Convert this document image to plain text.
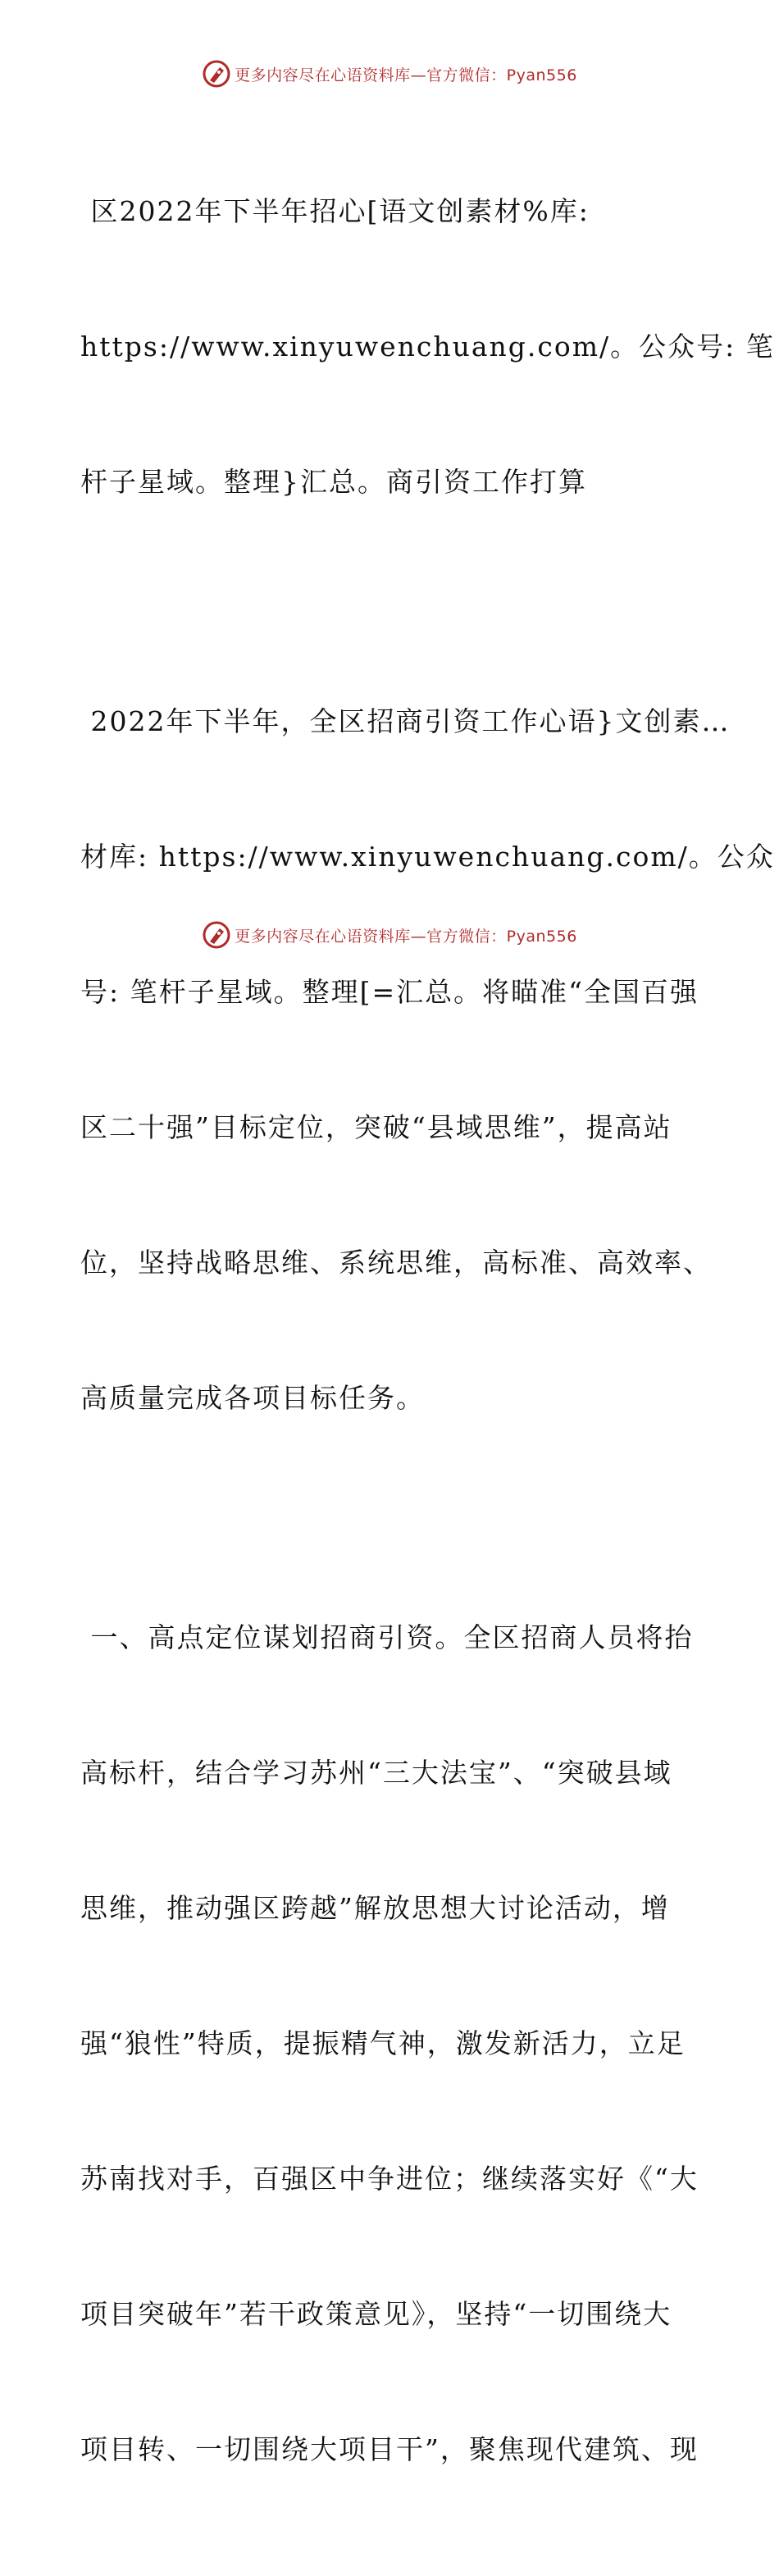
更多内容尽在心语资料库—官方微信：Pyan556

区2022年下半年招心[语文创素材%库:

https://www.xinyuwenchuang.com/。公众号: 笔

杆子星域。整理}汇总。商引资工作打算

2022年下半年，全区招商引资工作心语}文创素…

材库: https://www.xinyuwenchuang.com/。公众

号: 笔杆子星域。整理[=汇总。将瞄准“全国百强

区二十强”目标定位，突破“县域思维”，提高站

位，坚持战略思维、系统思维，高标准、高效率、

高质量完成各项目标任务。

一、高点定位谋划招商引资。全区招商人员将抬

高标杆，结合学习苏州“三大法宝”、“突破县域

思维，推动强区跨越”解放思想大讨论活动，增

强“狼性”特质，提振精气神，激发新活力，立足

苏南找对手，百强区中争进位；继续落实好《“大

项目突破年”若干政策意见》，坚持“一切围绕大

项目转、一切围绕大项目干”，聚焦现代建筑、现

更多内容尽在心语资料库—官方微信：Pyan556
